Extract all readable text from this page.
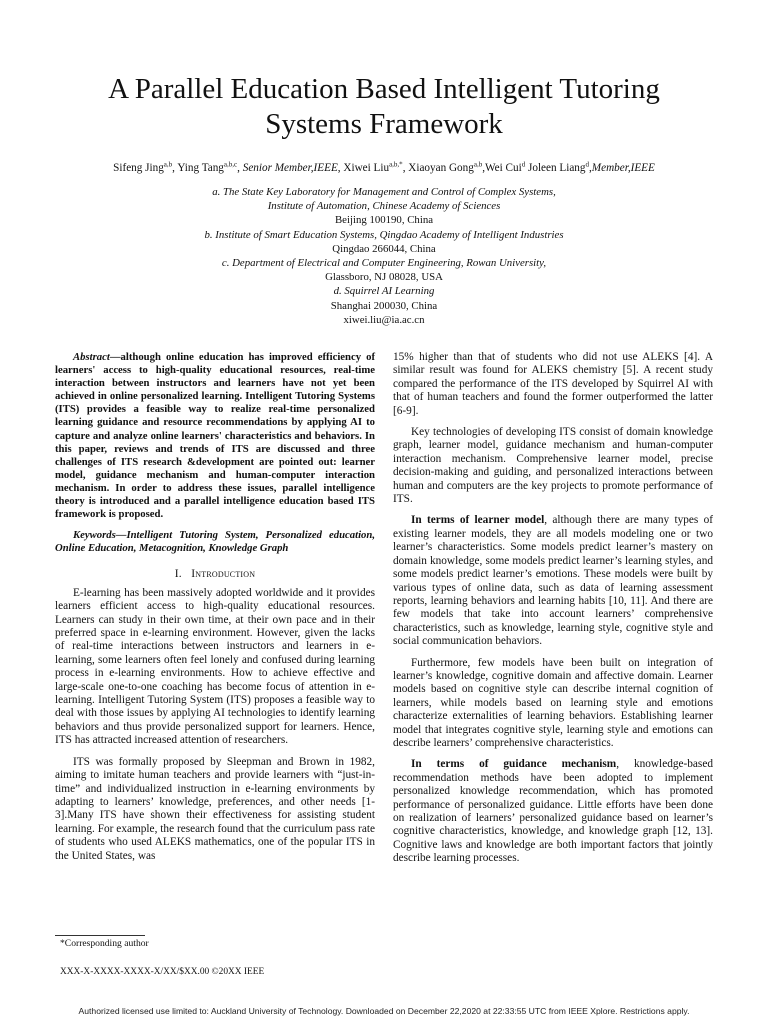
A Parallel Education Based Intelligent Tutoring Systems Framework
Sifeng Jing$^{a,b}$, Ying Tang$^{a,b,c}$, Senior Member,IEEE, Xiwei Liu$^{a,b,*}$, Xiaoyan Gong$^{a,b}$,Wei Cui$^d$ Joleen Liang$^d$,Member,IEEE
a. The State Key Laboratory for Management and Control of Complex Systems,
Institute of Automation, Chinese Academy of Sciences
Beijing 100190, China
b. Institute of Smart Education Systems, Qingdao Academy of Intelligent Industries
Qingdao 266044, China
c. Department of Electrical and Computer Engineering, Rowan University,
Glassboro, NJ 08028, USA
d. Squirrel AI Learning
Shanghai 200030, China
xiwei.liu@ia.ac.cn

Abstract—although online education has improved efficiency of learners' access to high-quality educational resources, real-time interaction between instructors and learners have not yet been achieved in online personalized learning. Intelligent Tutoring Systems (ITS) provides a feasible way to realize real-time personalized learning guidance and resource recommendations by applying AI to capture and analyze online learners' characteristics and behaviors. In this paper, reviews and trends of ITS are discussed and three challenges of ITS research &development are pointed out: learner model, guidance mechanism and human-computer interaction mechanism. In order to address these issues, parallel intelligence theory is introduced and a parallel intelligence education based ITS framework is proposed.

Keywords—Intelligent Tutoring System, Personalized education, Online Education, Metacognition, Knowledge Graph

I. Introduction

E-learning has been massively adopted worldwide and it provides learners efficient access to high-quality educational resources. Learners can study in their own time, at their own pace and in their preferred space in e-learning environment. However, given the lacks of real-time interactions between instructors and learners in e-learning, some learners often feel lonely and confused during learning process in e-learning environments. How to achieve effective and large-scale one-to-one coaching has become focus of attention in e-learning. Intelligent Tutoring System (ITS) proposes a feasible way to deal with those issues by applying AI technologies to identify learning behaviors and thus provide personalized support for learners. Hence, ITS has attracted increased attention of researchers.

ITS was formally proposed by Sleepman and Brown in 1982, aiming to imitate human teachers and provide learners with “just-in-time” and individualized instruction in e-learning environments by adapting to learners’ knowledge, preferences, and other needs [1-3].Many ITS have shown their effectiveness for assisting student learning. For example, the research found that the curriculum pass rate of students who used ALEKS mathematics, one of the popular ITS in the United States, was

15% higher than that of students who did not use ALEKS [4]. A similar result was found for ALEKS chemistry [5]. A recent study compared the performance of the ITS developed by Squirrel AI with that of human teachers and found the former outperformed the latter [6-9].

Key technologies of developing ITS consist of domain knowledge graph, learner model, guidance mechanism and human-computer interaction mechanism. Comprehensive learner model, precise decision-making and guiding, and personalized interactions between human and computers are the key projects to promote performance of ITS.

In terms of learner model, although there are many types of existing learner models, they are all models modeling one or two learner’s characteristics. Some models predict learner’s mastery on domain knowledge, some models predict learner’s learning styles, and some models predict learner’s emotions. These models were built by various types of online data, such as data of learning assessment reports, learning behaviors and learning habits [10, 11]. And there are few models that take into account learners’ comprehensive characteristics, such as knowledge, learning style, cognitive style and social communication behaviors.

Furthermore, few models have been built on integration of learner’s knowledge, cognitive domain and affective domain. Learner models based on cognitive style can describe internal cognition of learners, while models based on learning style and emotions characterize externalities of learning behaviors. Establishing learner model that integrates cognitive style, learning style and emotions can describe learners’ comprehensive characteristics.

In terms of guidance mechanism, knowledge-based recommendation methods have been adopted to implement personalized knowledge recommendation, which has promoted performance of personalized guidance. Little efforts have been done on realization of learners’ personalized guidance based on learner’s cognitive characteristics, knowledge, and knowledge graph [12, 13]. Cognitive laws and knowledge are both important factors that jointly describe learning processes.

*Corresponding author
XXX-X-XXXX-XXXX-X/XX/$XX.00 ©20XX IEEE
Authorized licensed use limited to: Auckland University of Technology. Downloaded on December 22,2020 at 22:33:55 UTC from IEEE Xplore. Restrictions apply.
